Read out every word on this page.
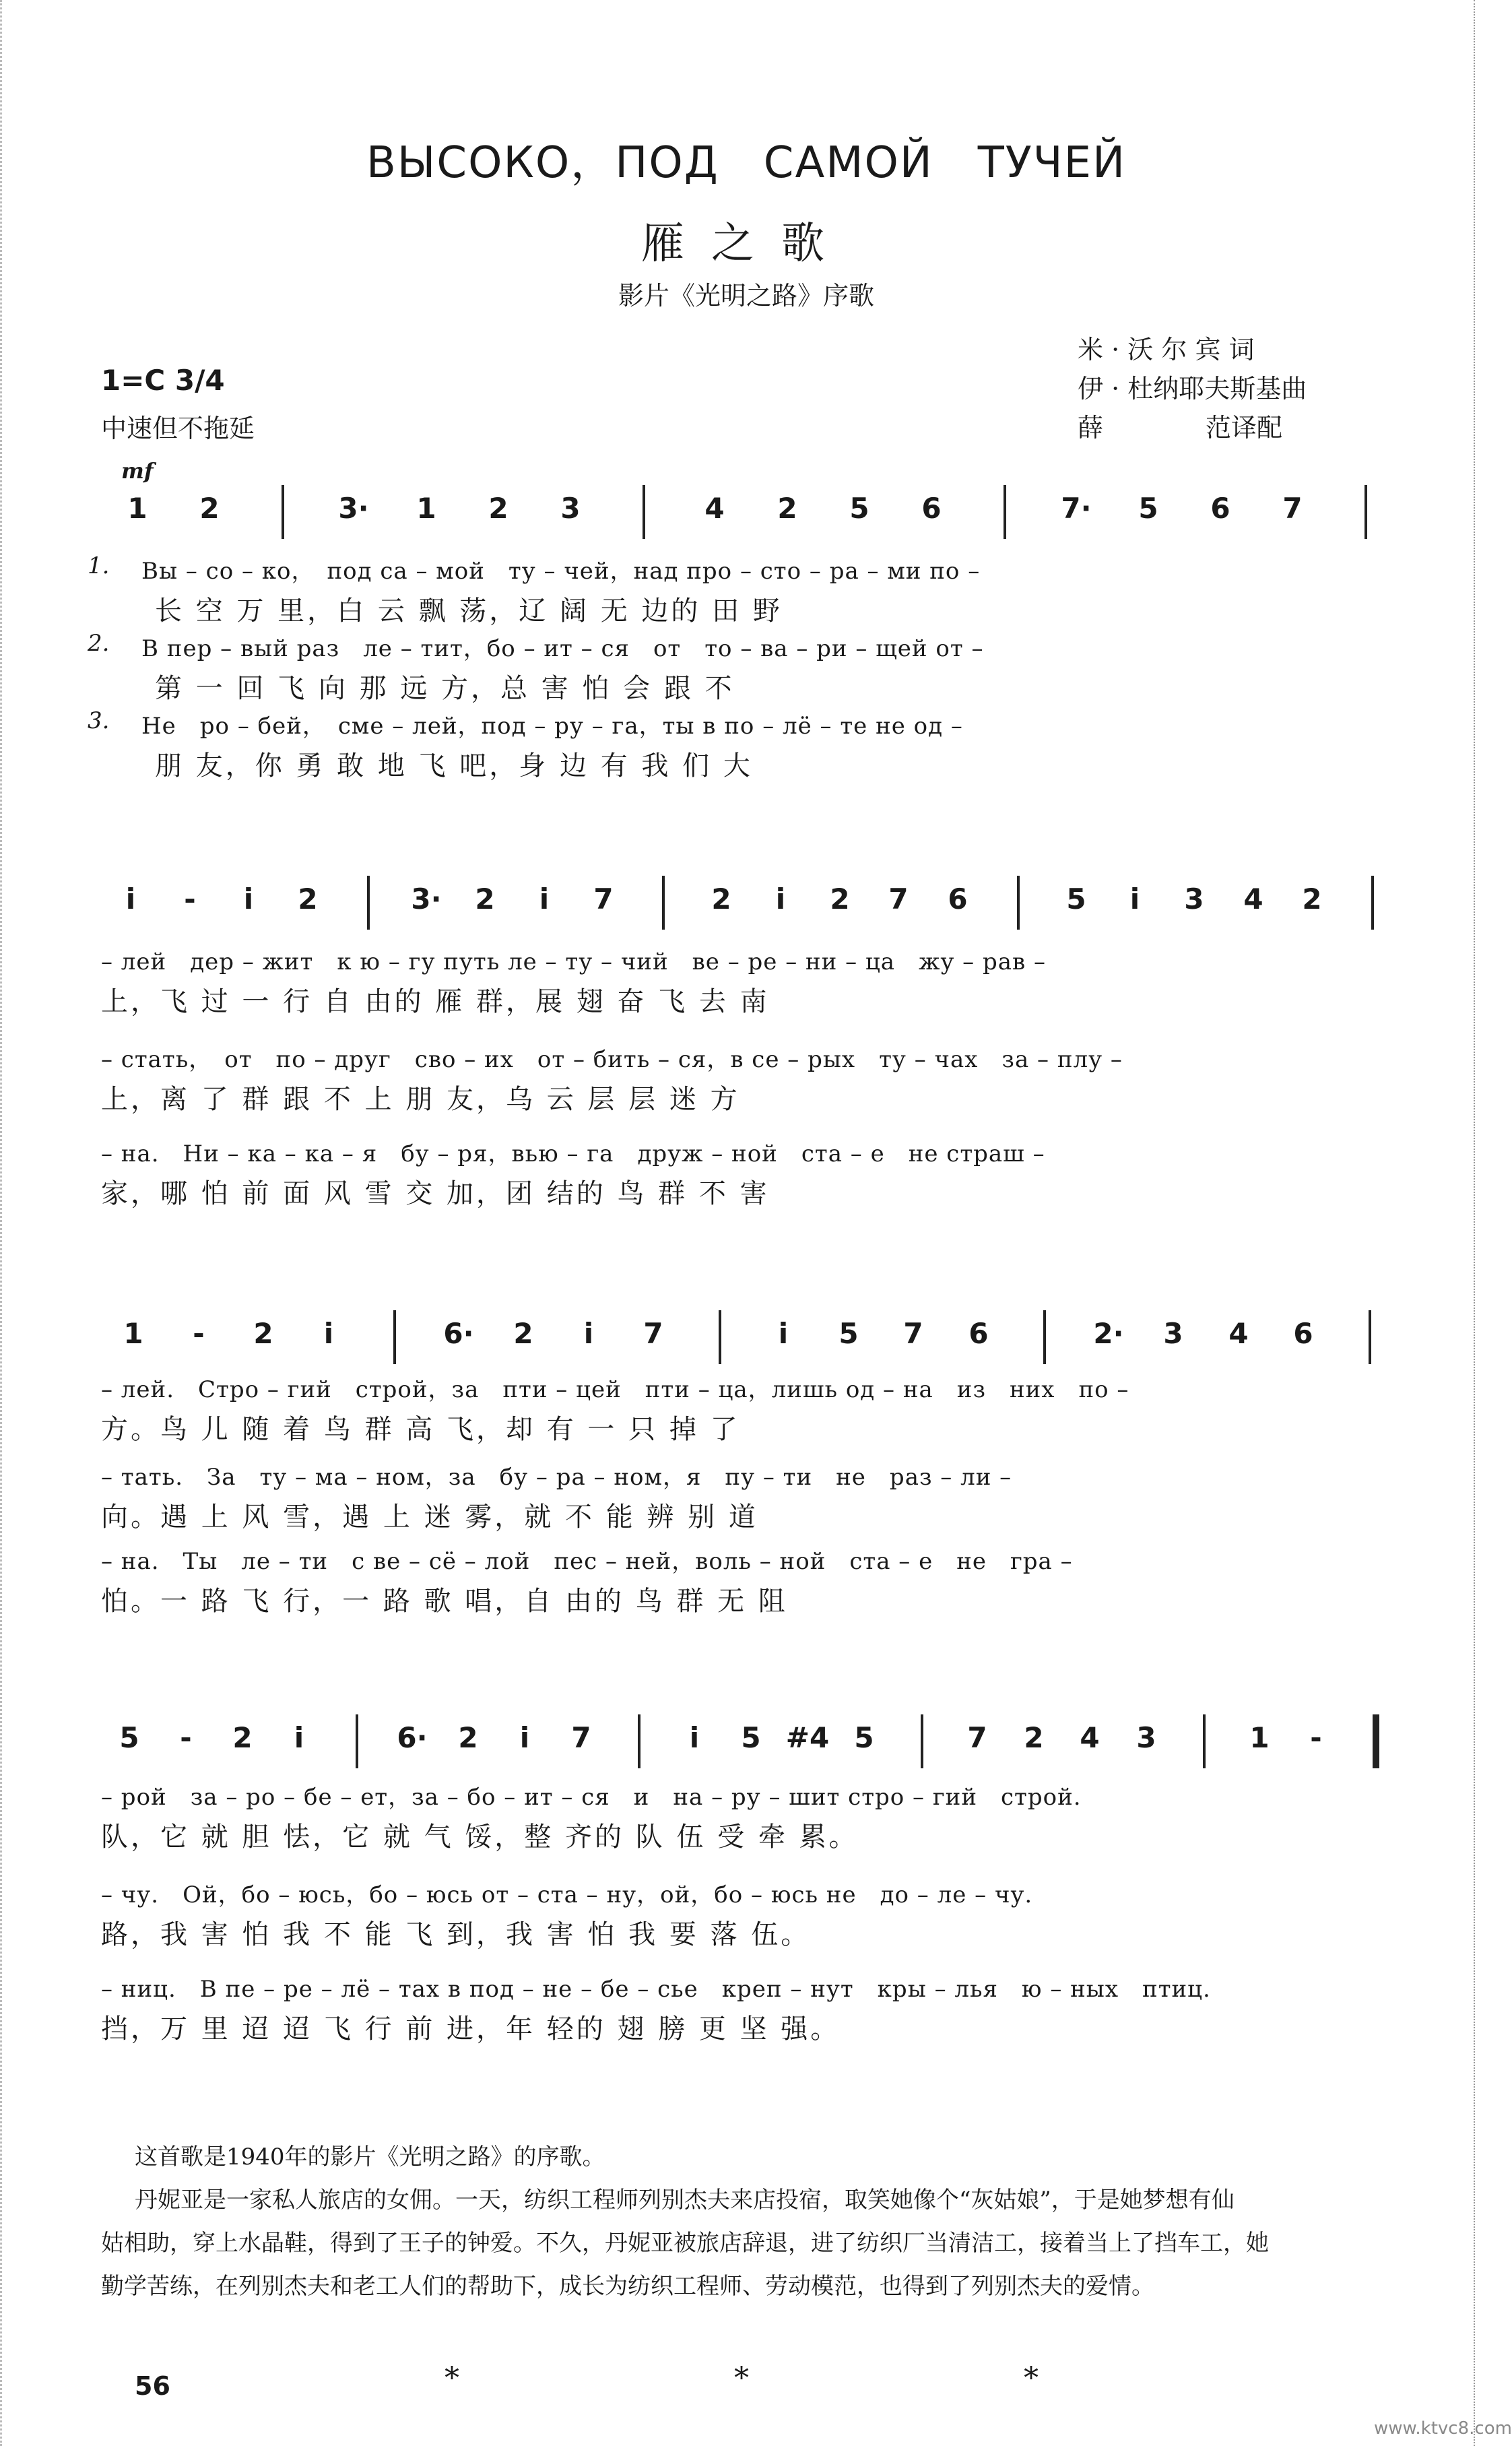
ВЫСОКО，ПОД　САМОЙ　ТУЧЕЙ
雁之歌
影片《光明之路》序歌
米 · 沃 尔 宾 词
伊 · 杜纳耶夫斯基曲
薛　　　　范译配
1=C 3/4
中速但不拖延
mf
1 2	3· 1 2 3	4 2 5 6	7· 5 6 7
1. Вы – со – ко，　под са – мой　ту – чей，над про – сто – ра – ми по –
长 空 万 里，白 云 飘 荡，辽 阔 无 边的 田 野
2. В пер – вый раз　ле – тит，бо – ит – ся　от　то – ва – ри – щей от –
第 一 回 飞 向 那 远 方，总 害 怕 会 跟 不
3. Не　ро – бей，　сме – лей，под – ру – га，ты в по – лё – те не од –
朋 友，你 勇 敢 地 飞 吧，身 边 有 我 们 大
i - i 2	3· 2 i 7	2 i 2 7 6	5 i 3 4 2
– лей　дер – жит　к ю – гу путь ле – ту – чий　ве – ре – ни – ца　жу – рав –
上，飞 过 一 行 自 由的 雁 群，展 翅 奋 飞 去 南
– стать，　от　по – друг　сво – их　от – бить – ся，в се – рых　ту – чах　за – плу –
上，离 了 群 跟 不 上 朋 友，乌 云 层 层 迷 方
– на.　Ни – ка – ка – я　бу – ря，вью – га　друж – ной　ста – е　не страш –
家，哪 怕 前 面 风 雪 交 加，团 结的 鸟 群 不 害
1 - 2 i	6· 2 i 7	i 5 7 6	2· 3 4 6
– лей.　Стро – гий　строй，за　пти – цей　пти – ца，лишь од – на　из　них　по –
方。鸟 儿 随 着 鸟 群 高 飞，却 有 一 只 掉 了
– тать.　За　ту – ма – ном，за　бу – ра – ном，я　пу – ти　не　раз – ли –
向。遇 上 风 雪，遇 上 迷 雾，就 不 能 辨 别 道
– на.　Ты　ле – ти　с ве – сё – лой　пес – ней，воль – ной　ста – е　не　гра –
怕。一 路 飞 行，一 路 歌 唱，自 由的 鸟 群 无 阻
5 - 2 i	6· 2 i 7	i 5 #4 5	7 2 4 3	1 -
– рой　за – ро – бе – ет，за – бо – ит – ся　и　на – ру – шит стро – гий　строй.
队，它 就 胆 怯，它 就 气 馁，整 齐的 队 伍 受 牵 累。
– чу.　Ой，бо – юсь，бо – юсь от – ста – ну，ой，бо – юсь не　до – ле – чу.
路，我 害 怕 我 不 能 飞 到，我 害 怕 我 要 落 伍。
– ниц.　В пе – ре – лё – тах в под – не – бе – сье　креп – нут　кры – лья　ю – ных　птиц.
挡，万 里 迢 迢 飞 行 前 进，年 轻的 翅 膀 更 坚 强。
这首歌是1940年的影片《光明之路》的序歌。
丹妮亚是一家私人旅店的女佣。一天，纺织工程师列别杰夫来店投宿，取笑她像个“灰姑娘”，于是她梦想有仙
姑相助，穿上水晶鞋，得到了王子的钟爱。不久，丹妮亚被旅店辞退，进了纺织厂当清洁工，接着当上了挡车工，她
勤学苦练，在列别杰夫和老工人们的帮助下，成长为纺织工程师、劳动模范，也得到了列别杰夫的爱情。
56	*	*	*
www.ktvc8.com
